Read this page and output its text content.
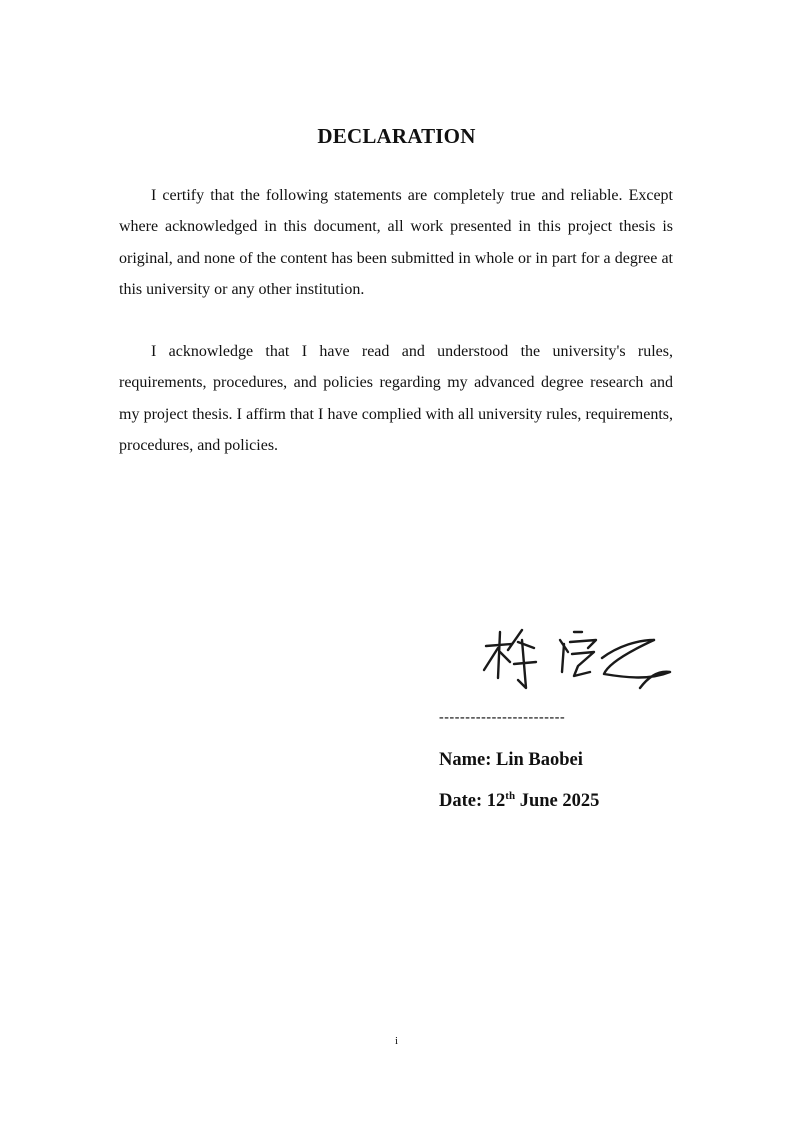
DECLARATION

I certify that the following statements are completely true and reliable. Except where acknowledged in this document, all work presented in this project thesis is original, and none of the content has been submitted in whole or in part for a degree at this university or any other institution.

I acknowledge that I have read and understood the university's rules, requirements, procedures, and policies regarding my advanced degree research and my project thesis. I affirm that I have complied with all university rules, requirements, procedures, and policies.

------------------------
Name: Lin Baobei
Date: 12th June 2025
i
